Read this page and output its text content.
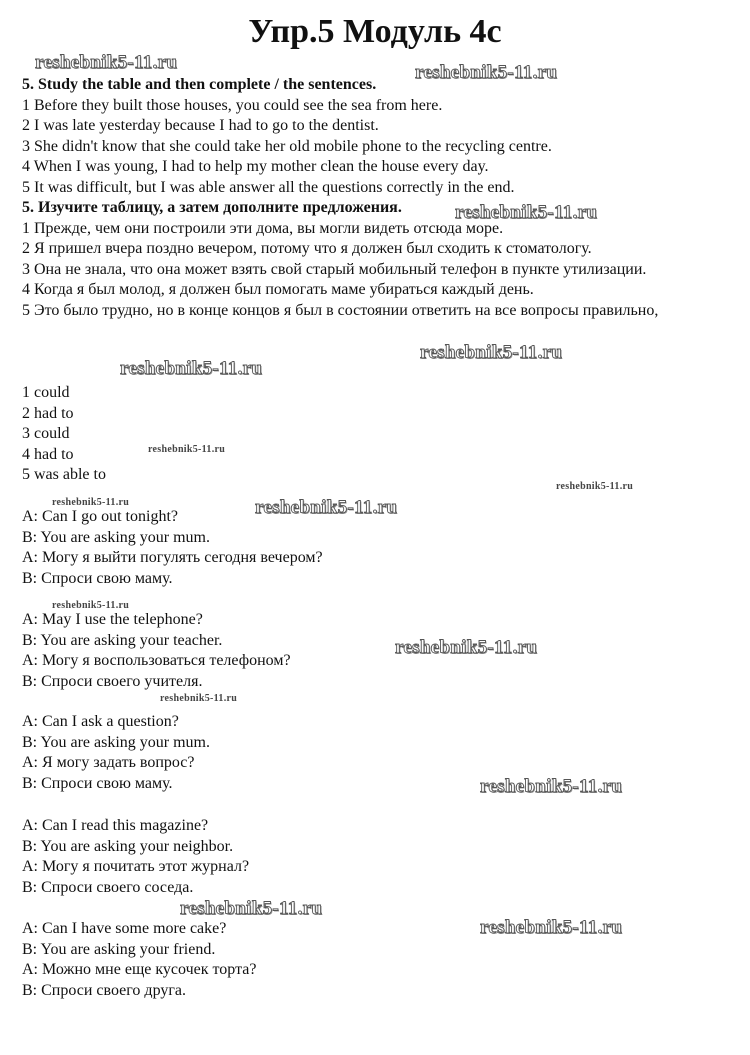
Упр.5 Модуль 4с
5. Study the table and then complete / the sentences.
1 Before they built those houses, you could see the sea from here.
2 I was late yesterday because I had to go to the dentist.
3 She didn't know that she could take her old mobile phone to the recycling centre.
4 When I was young, I had to help my mother clean the house every day.
5 It was difficult, but I was able answer all the questions correctly in the end.
5. Изучите таблицу, а затем дополните предложения.
1 Прежде, чем они построили эти дома, вы могли видеть отсюда море.
2 Я пришел вчера поздно вечером, потому что я должен был сходить к стоматологу.
3 Она не знала, что она может взять свой старый мобильный телефон в пункте утилизации.
4 Когда я был молод, я должен был помогать маме убираться каждый день.
5 Это было трудно, но в конце концов я был в состоянии ответить на все вопросы правильно,
1 could
2 had to
3 could
4 had to
5 was able to
A: Can I go out tonight?
B: You are asking your mum.
A: Могу я выйти погулять сегодня вечером?
B: Спроси свою маму.
A: May I use the telephone?
B: You are asking your teacher.
A: Могу я воспользоваться телефоном?
B: Спроси своего учителя.
A: Can I ask a question?
B: You are asking your mum.
A: Я могу задать вопрос?
B: Спроси свою маму.
A: Can I read this magazine?
B: You are asking your neighbor.
A: Могу я почитать этот журнал?
B: Спроси своего соседа.
A: Can I have some more cake?
B: You are asking your friend.
A: Можно мне еще кусочек торта?
B: Спроси своего друга.
reshebnik5-11.ru	reshebnik5-11.ru
reshebnik5-11.ru
reshebnik5-11.ru
reshebnik5-11.ru
reshebnik5-11.ru
reshebnik5-11.ru
reshebnik5-11.ru	reshebnik5-11.ru
reshebnik5-11.ru
reshebnik5-11.ru
reshebnik5-11.ru
reshebnik5-11.ru
reshebnik5-11.ru
reshebnik5-11.ru
